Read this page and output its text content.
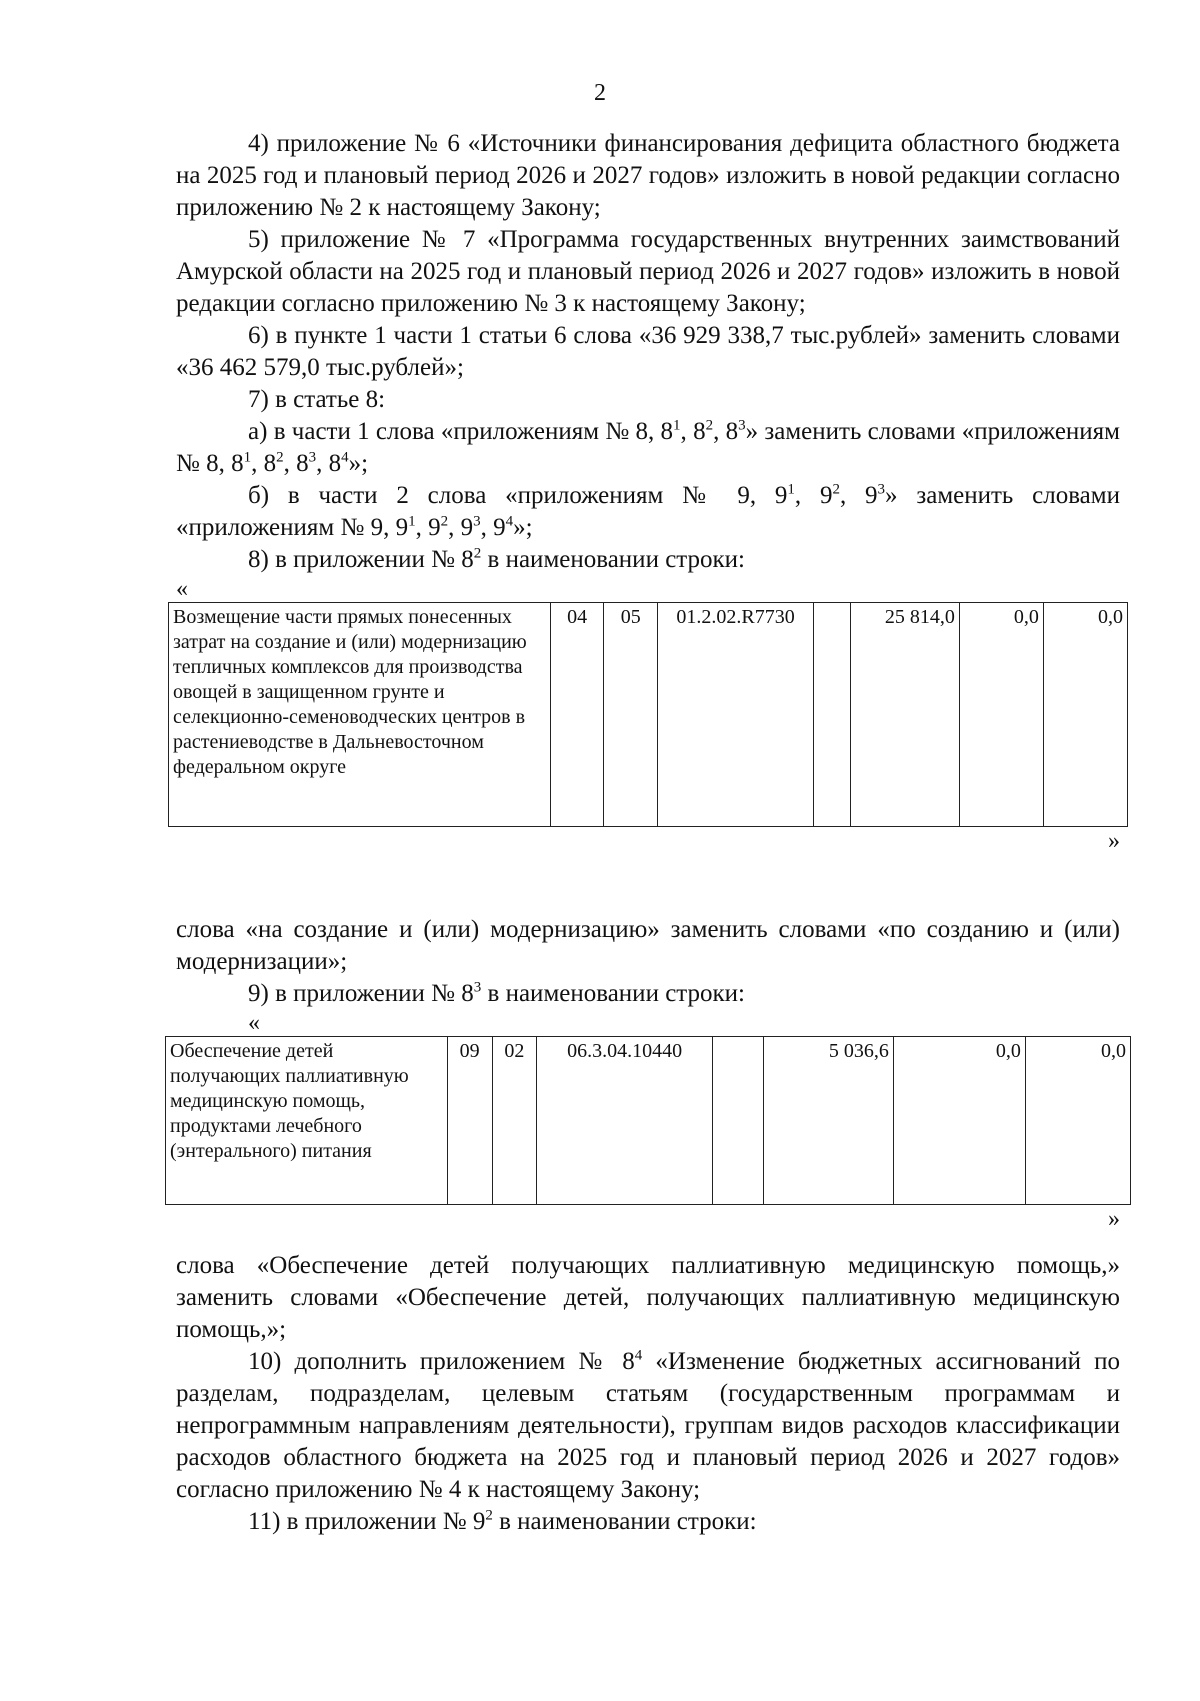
2

4) приложение № 6 «Источники финансирования дефицита областного бюджета на 2025 год и плановый период 2026 и 2027 годов» изложить в новой редакции согласно приложению № 2 к настоящему Закону;

5) приложение № 7 «Программа государственных внутренних заимствований Амурской области на 2025 год и плановый период 2026 и 2027 годов» изложить в новой редакции согласно приложению № 3 к настоящему Закону;

6) в пункте 1 части 1 статьи 6 слова «36 929 338,7 тыс.рублей» заменить словами «36 462 579,0 тыс.рублей»;

7) в статье 8:

а) в части 1 слова «приложениям № 8, $8^1$, $8^2$, $8^3$» заменить словами «приложениям № 8, $8^1$, $8^2$, $8^3$, $8^4$»;

б) в части 2 слова «приложениям № 9, $9^1$, $9^2$, $9^3$» заменить словами «приложениям № 9, $9^1$, $9^2$, $9^3$, $9^4$»;

8) в приложении № $8^2$ в наименовании строки:

«

Возмещение части прямых понесенных затрат на создание и (или) модернизацию тепличных комплексов для производства овощей в защищенном грунте и селекционно-семеноводческих центров в растениеводстве в Дальневосточном федеральном округе	04	05	01.2.02.R7730		25 814,0	0,0	0,0

»

слова «на создание и (или) модернизацию» заменить словами «по созданию и (или) модернизации»;

9) в приложении № $8^3$ в наименовании строки:

«

Обеспечение детей получающих паллиативную медицинскую помощь, продуктами лечебного (энтерального) питания	09	02	06.3.04.10440		5 036,6	0,0	0,0

»

слова «Обеспечение детей получающих паллиативную медицинскую помощь,» заменить словами «Обеспечение детей, получающих паллиативную медицинскую помощь,»;

10) дополнить приложением № $8^4$ «Изменение бюджетных ассигнований по разделам, подразделам, целевым статьям (государственным программам и непрограммным направлениям деятельности), группам видов расходов классификации расходов областного бюджета на 2025 год и плановый период 2026 и 2027 годов» согласно приложению № 4 к настоящему Закону;

11) в приложении № $9^2$ в наименовании строки:
